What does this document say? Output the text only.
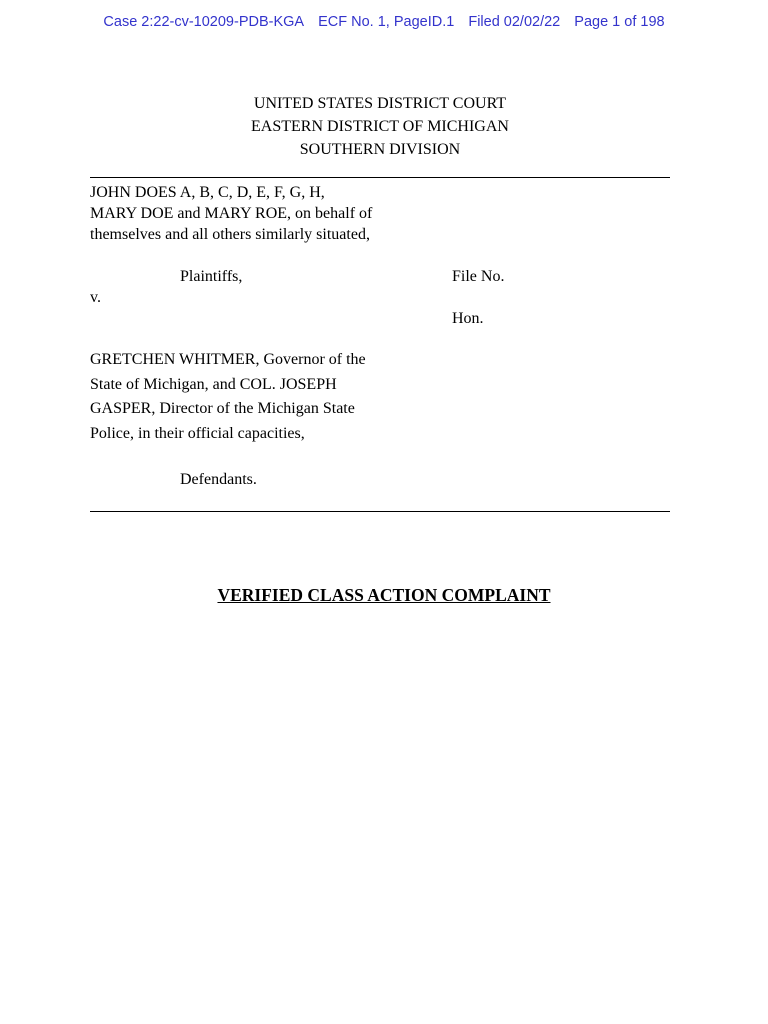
Case 2:22-cv-10209-PDB-KGA ECF No. 1, PageID.1 Filed 02/02/22 Page 1 of 198
UNITED STATES DISTRICT COURT
EASTERN DISTRICT OF MICHIGAN
SOUTHERN DIVISION
JOHN DOES A, B, C, D, E, F, G, H,
MARY DOE and MARY ROE, on behalf of
themselves and all others similarly situated,
Plaintiffs,	File No.
v.
Hon.
GRETCHEN WHITMER, Governor of the
State of Michigan, and COL. JOSEPH
GASPER, Director of the Michigan State
Police, in their official capacities,
Defendants.
VERIFIED CLASS ACTION COMPLAINT
